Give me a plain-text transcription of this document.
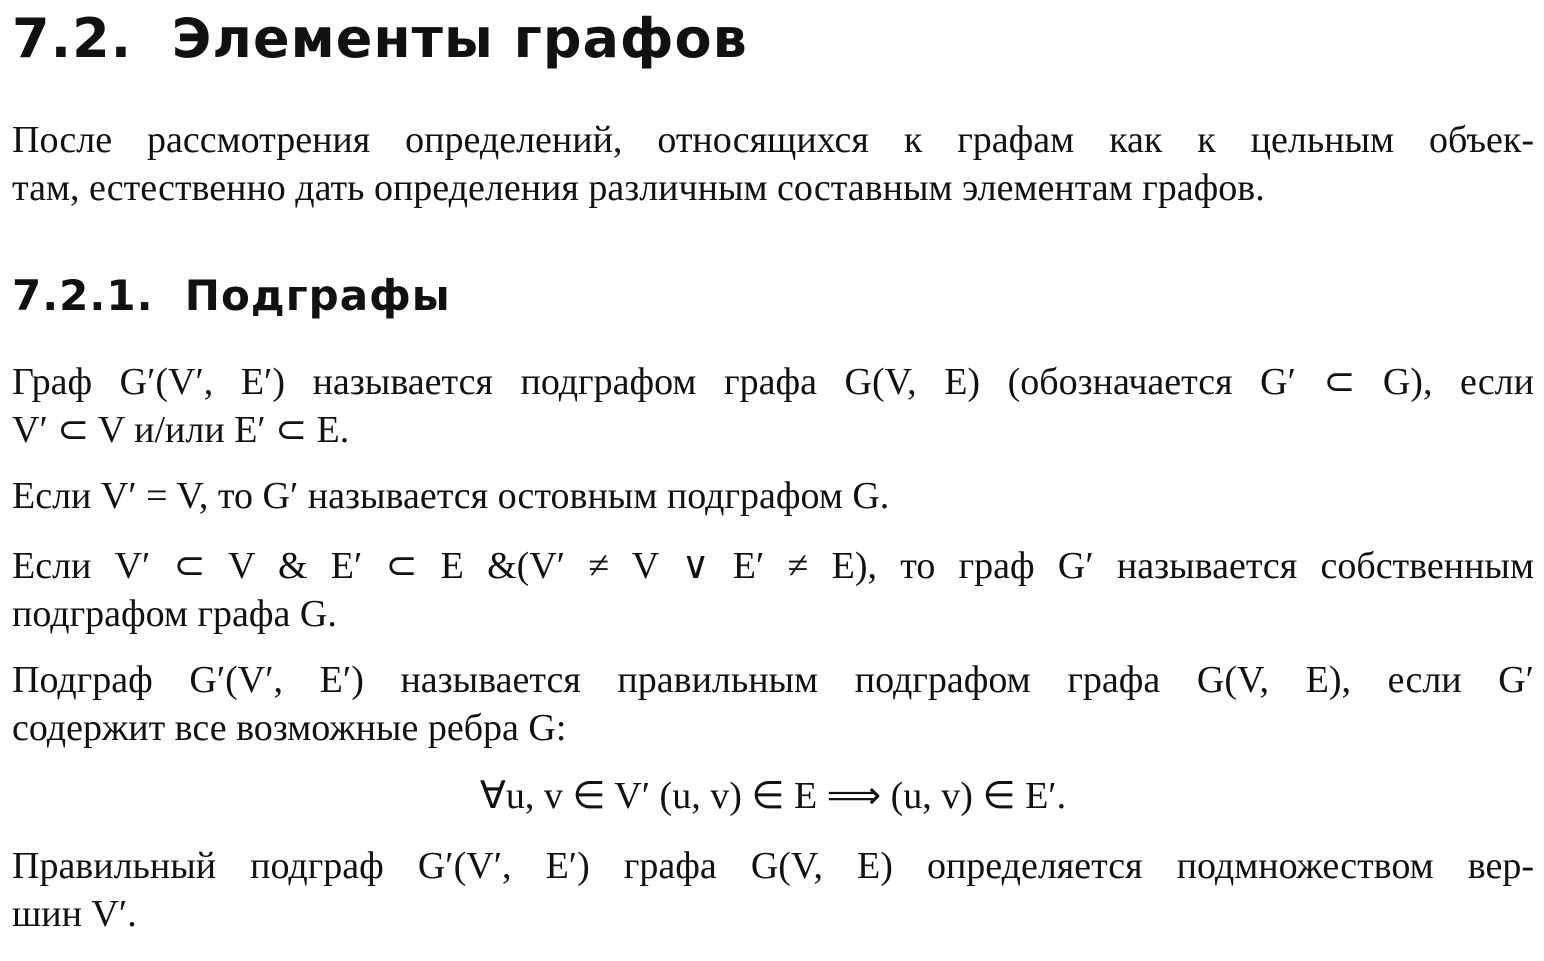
7.2. Элементы графов

После рассмотрения определений, относящихся к графам как к цельным объек-
там, естественно дать определения различным составным элементам графов.

7.2.1. Подграфы

Граф G′(V′, E′) называется подграфом графа G(V, E) (обозначается G′ ⊂ G), если
V′ ⊂ V и/или E′ ⊂ E.

Если V′ = V, то G′ называется остовным подграфом G.

Если V′ ⊂ V & E′ ⊂ E &(V′ ≠ V ∨ E′ ≠ E), то граф G′ называется собственным
подграфом графа G.

Подграф G′(V′, E′) называется правильным подграфом графа G(V, E), если G′
содержит все возможные ребра G:

∀u, v ∈ V′ (u, v) ∈ E ⟹ (u, v) ∈ E′.

Правильный подграф G′(V′, E′) графа G(V, E) определяется подмножеством вер-
шин V′.
